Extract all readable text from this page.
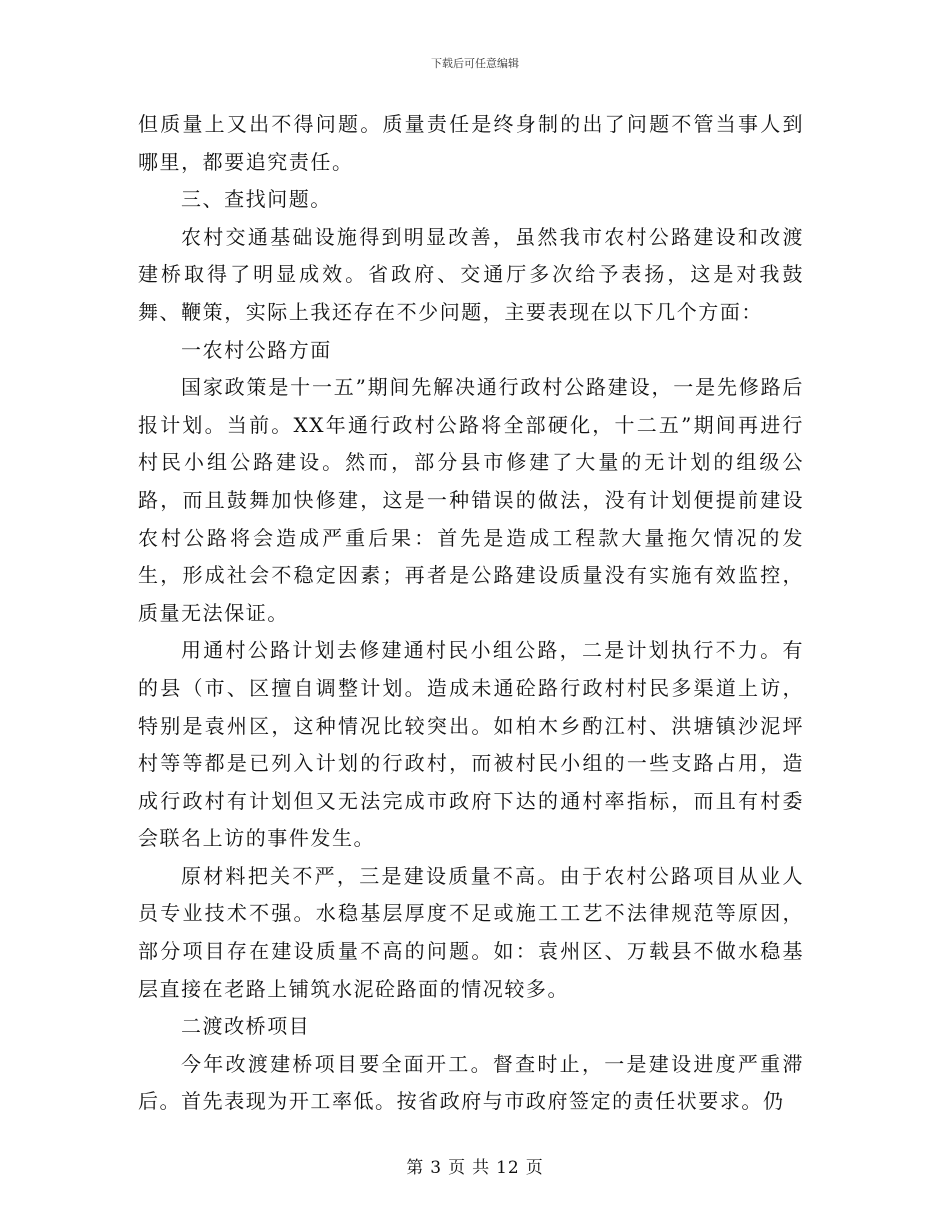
下载后可任意编辑

但质量上又出不得问题。质量责任是终身制的出了问题不管当事人到哪里，都要追究责任。

三、查找问题。

农村交通基础设施得到明显改善，虽然我市农村公路建设和改渡建桥取得了明显成效。省政府、交通厅多次给予表扬，这是对我鼓舞、鞭策，实际上我还存在不少问题，主要表现在以下几个方面：

一农村公路方面

国家政策是十一五”期间先解决通行政村公路建设，一是先修路后报计划。当前。XX年通行政村公路将全部硬化，十二五”期间再进行村民小组公路建设。然而，部分县市修建了大量的无计划的组级公路，而且鼓舞加快修建，这是一种错误的做法，没有计划便提前建设农村公路将会造成严重后果：首先是造成工程款大量拖欠情况的发生，形成社会不稳定因素；再者是公路建设质量没有实施有效监控，质量无法保证。

用通村公路计划去修建通村民小组公路，二是计划执行不力。有的县（市、区擅自调整计划。造成未通砼路行政村村民多渠道上访，特别是袁州区，这种情况比较突出。如柏木乡酌江村、洪塘镇沙泥坪村等等都是已列入计划的行政村，而被村民小组的一些支路占用，造成行政村有计划但又无法完成市政府下达的通村率指标，而且有村委会联名上访的事件发生。

原材料把关不严，三是建设质量不高。由于农村公路项目从业人员专业技术不强。水稳基层厚度不足或施工工艺不法律规范等原因，部分项目存在建设质量不高的问题。如：袁州区、万载县不做水稳基层直接在老路上铺筑水泥砼路面的情况较多。

二渡改桥项目

今年改渡建桥项目要全面开工。督查时止，一是建设进度严重滞后。首先表现为开工率低。按省政府与市政府签定的责任状要求。仍

第 3 页 共 12 页
